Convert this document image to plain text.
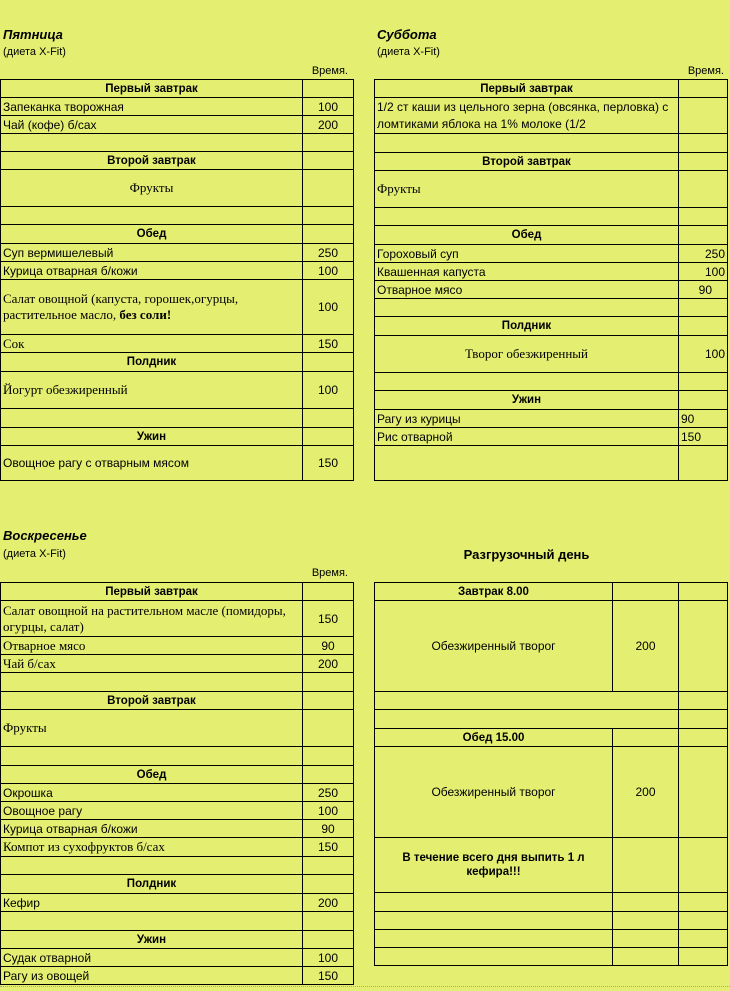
Пятница
(диета X-Fit)
Время.
Первый завтрак	
Запеканка творожная	100
Чай (кофе) б/сах	200

Второй завтрак	
Фрукты	

Обед	
Суп вермишелевый	250
Курица отварная б/кожи	100
Салат овощной (капуста, горошек,огурцы, растительное масло, без соли!	100
Сок	150
Полдник	
Йогурт обезжиренный	100

Ужин	
Овощное рагу с отварным мясом	150
Суббота
(диета X-Fit)
Время.
Первый завтрак	
1/2 ст каши из цельного зерна (овсянка, перловка) с ломтиками яблока на 1% молоке (1/2	

Второй завтрак	
Фрукты	

Обед	
Гороховый суп	250
Квашенная капуста	100
Отварное мясо	90

Полдник	
Творог обезжиренный	100

Ужин	
Рагу из курицы	90
Рис отварной	150

Воскресенье
(диета X-Fit)
Время.
Первый завтрак	
Салат овощной на растительном масле (помидоры, огурцы, салат)	150
Отварное мясо	90
Чай б/сах	200

Второй завтрак	
Фрукты	

Обед	
Окрошка	250
Овощное рагу	100
Курица отварная б/кожи	90
Компот из сухофруктов б/сах	150

Полдник	
Кефир	200

Ужин	
Судак отварной	100
Рагу из овощей	150
Разгрузочный день
Завтрак 8.00		
Обезжиренный творог	200	

Обед 15.00		
Обезжиренный творог	200	
В течение всего дня выпить 1 л кефира!!!		
